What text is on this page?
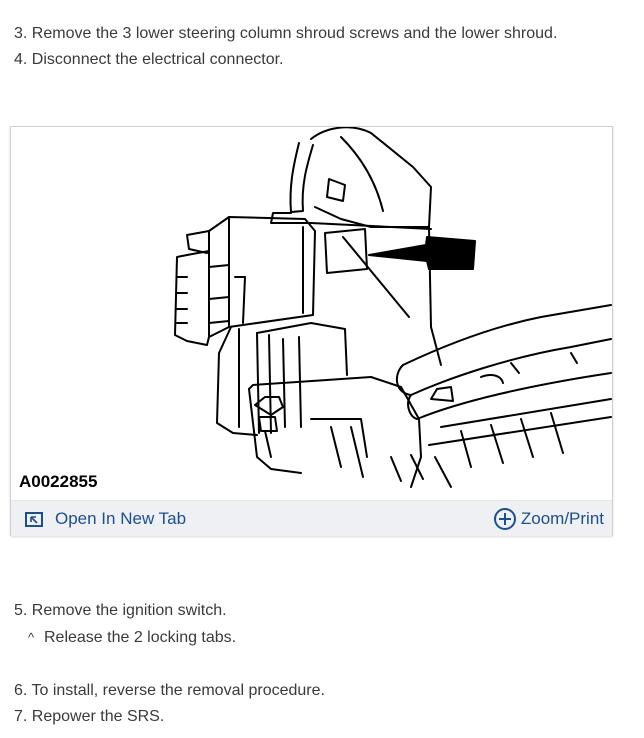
3. Remove the 3 lower steering column shroud screws and the lower shroud.
4. Disconnect the electrical connector.
A0022855
Open In New Tab	Zoom/Print
5. Remove the ignition switch.
^ Release the 2 locking tabs.
6. To install, reverse the removal procedure.
7. Repower the SRS.
